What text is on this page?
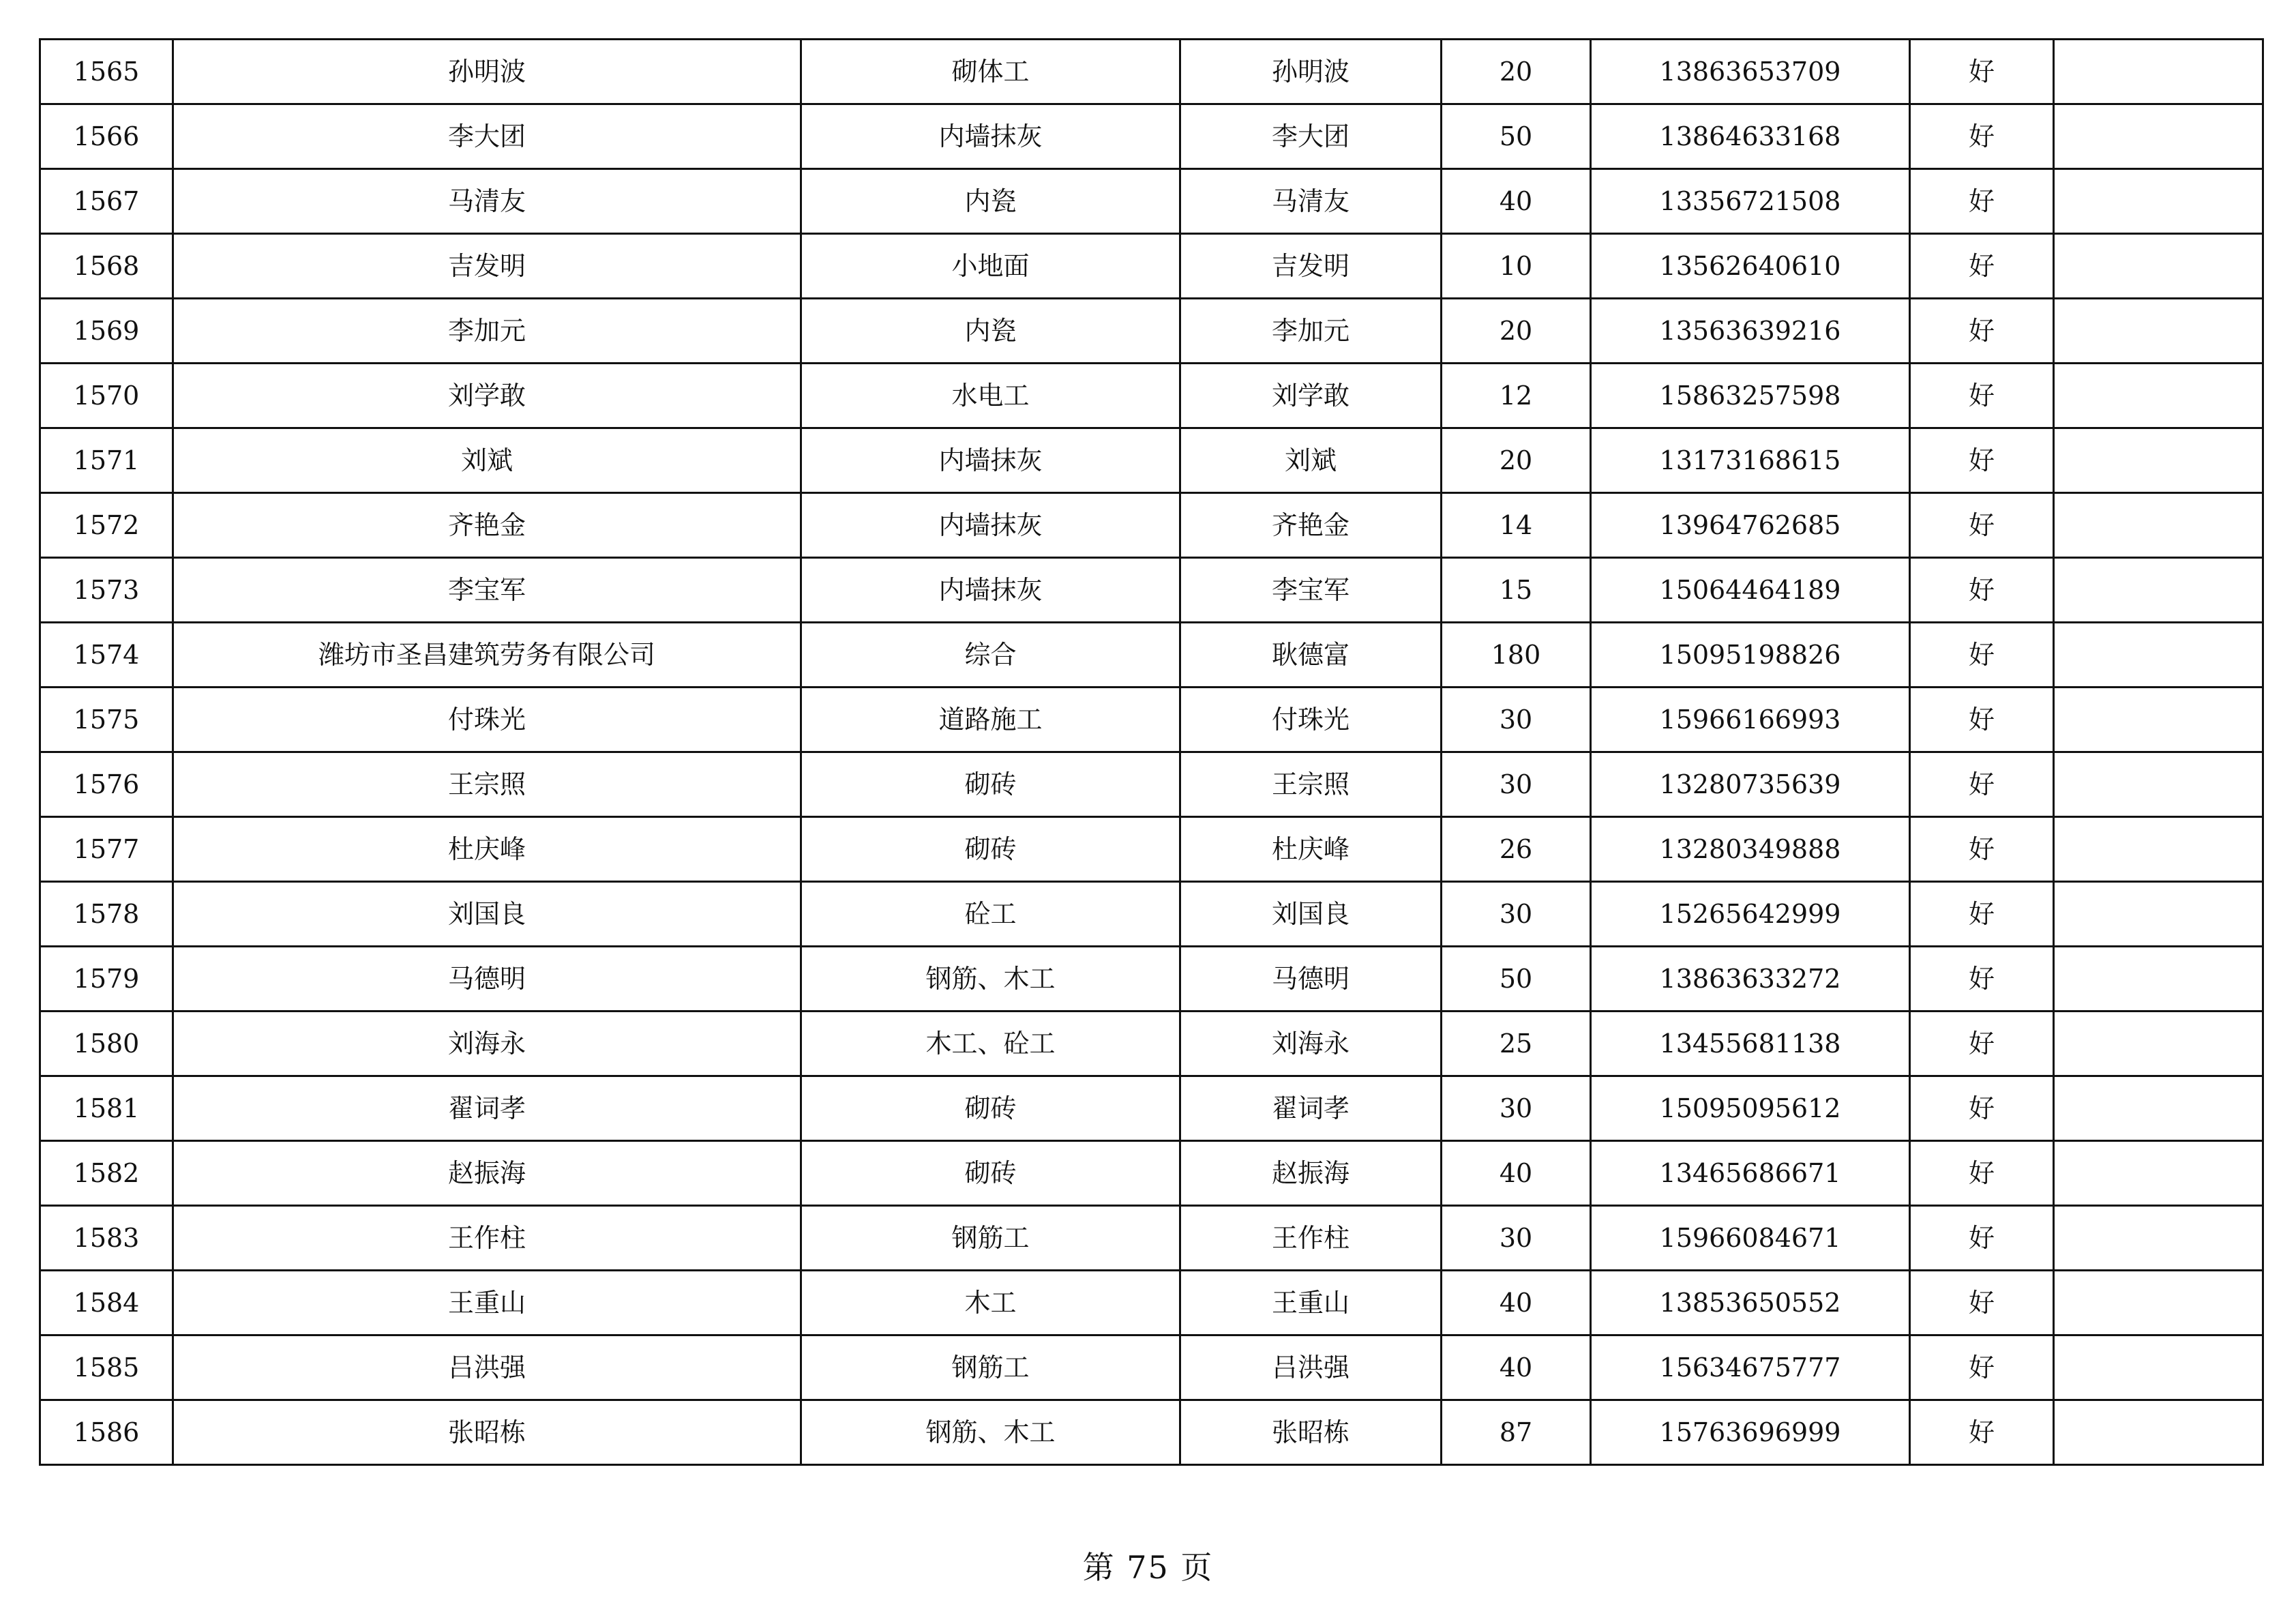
1565	孙明波	砌体工	孙明波	20	13863653709	好	
1566	李大团	内墙抹灰	李大团	50	13864633168	好	
1567	马清友	内瓷	马清友	40	13356721508	好	
1568	吉发明	小地面	吉发明	10	13562640610	好	
1569	李加元	内瓷	李加元	20	13563639216	好	
1570	刘学敢	水电工	刘学敢	12	15863257598	好	
1571	刘斌	内墙抹灰	刘斌	20	13173168615	好	
1572	齐艳金	内墙抹灰	齐艳金	14	13964762685	好	
1573	李宝军	内墙抹灰	李宝军	15	15064464189	好	
1574	潍坊市圣昌建筑劳务有限公司	综合	耿德富	180	15095198826	好	
1575	付珠光	道路施工	付珠光	30	15966166993	好	
1576	王宗照	砌砖	王宗照	30	13280735639	好	
1577	杜庆峰	砌砖	杜庆峰	26	13280349888	好	
1578	刘国良	砼工	刘国良	30	15265642999	好	
1579	马德明	钢筋、木工	马德明	50	13863633272	好	
1580	刘海永	木工、砼工	刘海永	25	13455681138	好	
1581	翟词孝	砌砖	翟词孝	30	15095095612	好	
1582	赵振海	砌砖	赵振海	40	13465686671	好	
1583	王作柱	钢筋工	王作柱	30	15966084671	好	
1584	王重山	木工	王重山	40	13853650552	好	
1585	吕洪强	钢筋工	吕洪强	40	15634675777	好	
1586	张昭栋	钢筋、木工	张昭栋	87	15763696999	好	
第 75 页
